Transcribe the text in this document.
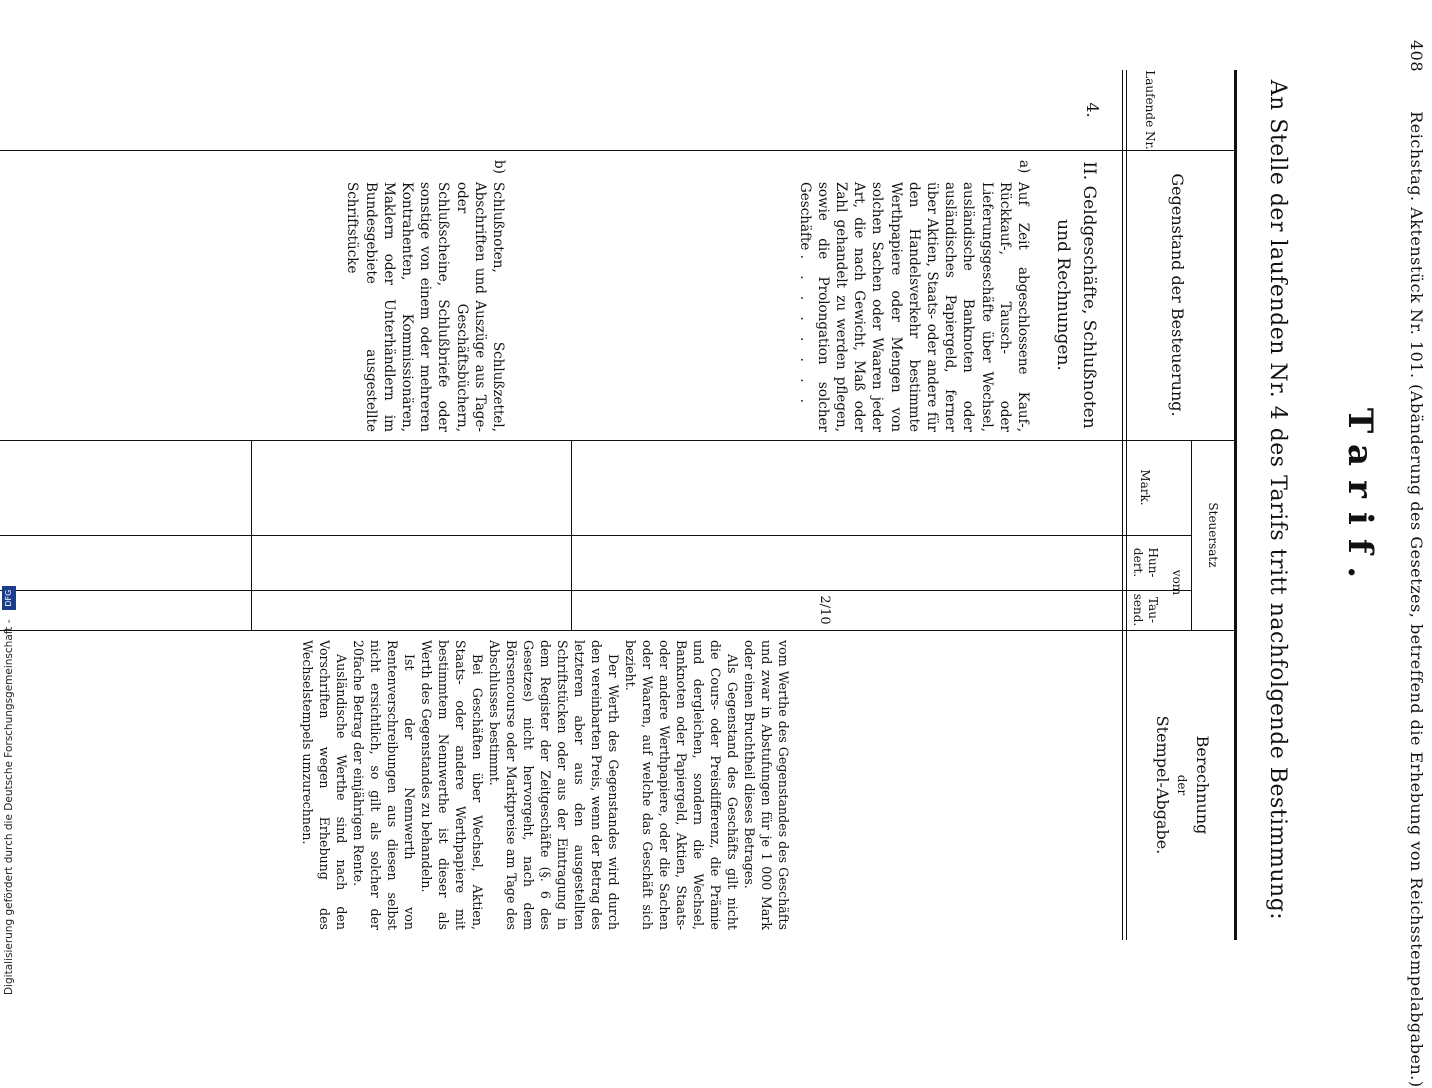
408  Reichstag. Aktenstück Nr. 101. (Abänderung des Gesetzes, betreffend die Erhebung von Reichsstempelabgaben.)
Tarif.
An Stelle der laufenden Nr. 4 des Tarifs tritt nachfolgende Bestimmung:
Laufende Nr.
Gegenstand der Besteuerung.
Steuersatz
vom
Mark.
Hun-dert.
Tau-send.
Berechnung
der
Stempel-Abgabe.
4.
II. Geldgeschäfte, Schlußnoten
und Rechnungen.
a)
Auf Zeit abgeschlossene Kauf-, Rückkauf-, Tausch- oder Lieferungsgeschäfte über Wechsel, ausländische Banknoten oder ausländisches Papiergeld, ferner über Aktien, Staats- oder andere für den Handelsverkehr bestimmte Werthpapiere oder Mengen von solchen Sachen oder Waaren jeder Art, die nach Gewicht, Maß oder Zahl gehandelt zu werden pflegen, sowie die Prolongation solcher Geschäfte . . . . . . . .
2/10
vom Werthe des Gegenstandes des Geschäfts und zwar in Abstufungen für je 1 000 Mark oder einen Bruchtheil dieses Betrages.
Als Gegenstand des Geschäfts gilt nicht die Cours- oder Preisdifferenz, die Prämie und dergleichen, sondern die Wechsel, Banknoten oder Papiergeld, Aktien, Staats- oder andere Werthpapiere, oder die Sachen oder Waaren, auf welche das Geschäft sich bezieht.
Der Werth des Gegenstandes wird durch den vereinbarten Preis, wenn der Betrag des letzteren aber aus den ausgestellten Schriftstücken oder aus der Eintragung in dem Register der Zeitgeschäfte (§. 6 des Gesetzes) nicht hervorgeht, nach dem Börsencourse oder Marktpreise am Tage des Abschlusses bestimmt.
Bei Geschäften über Wechsel, Aktien, Staats- oder andere Werthpapiere mit bestimmtem Nennwerthe ist dieser als Werth des Gegenstandes zu behandeln.
Ist der Nennwerth von Rentenverschreibungen aus diesen selbst nicht ersichtlich, so gilt als solcher der 20fache Betrag der einjährigen Rente.
Ausländische Werthe sind nach den Vorschriften wegen Erhebung des Wechselstempels umzurechnen.
b)
Schlußnoten, Schlußzettel, Abschriften und Auszüge aus Tage- oder Geschäftsbüchern, Schlußscheine, Schlußbriefe oder sonstige von einem oder mehreren Kontrahenten, Kommissionären, Maklern oder Unterhändlern im Bundesgebiete ausgestellte Schriftstücke
Digitalisierung gefördert durch die Deutsche Forschungsgemeinschaft - DFG
